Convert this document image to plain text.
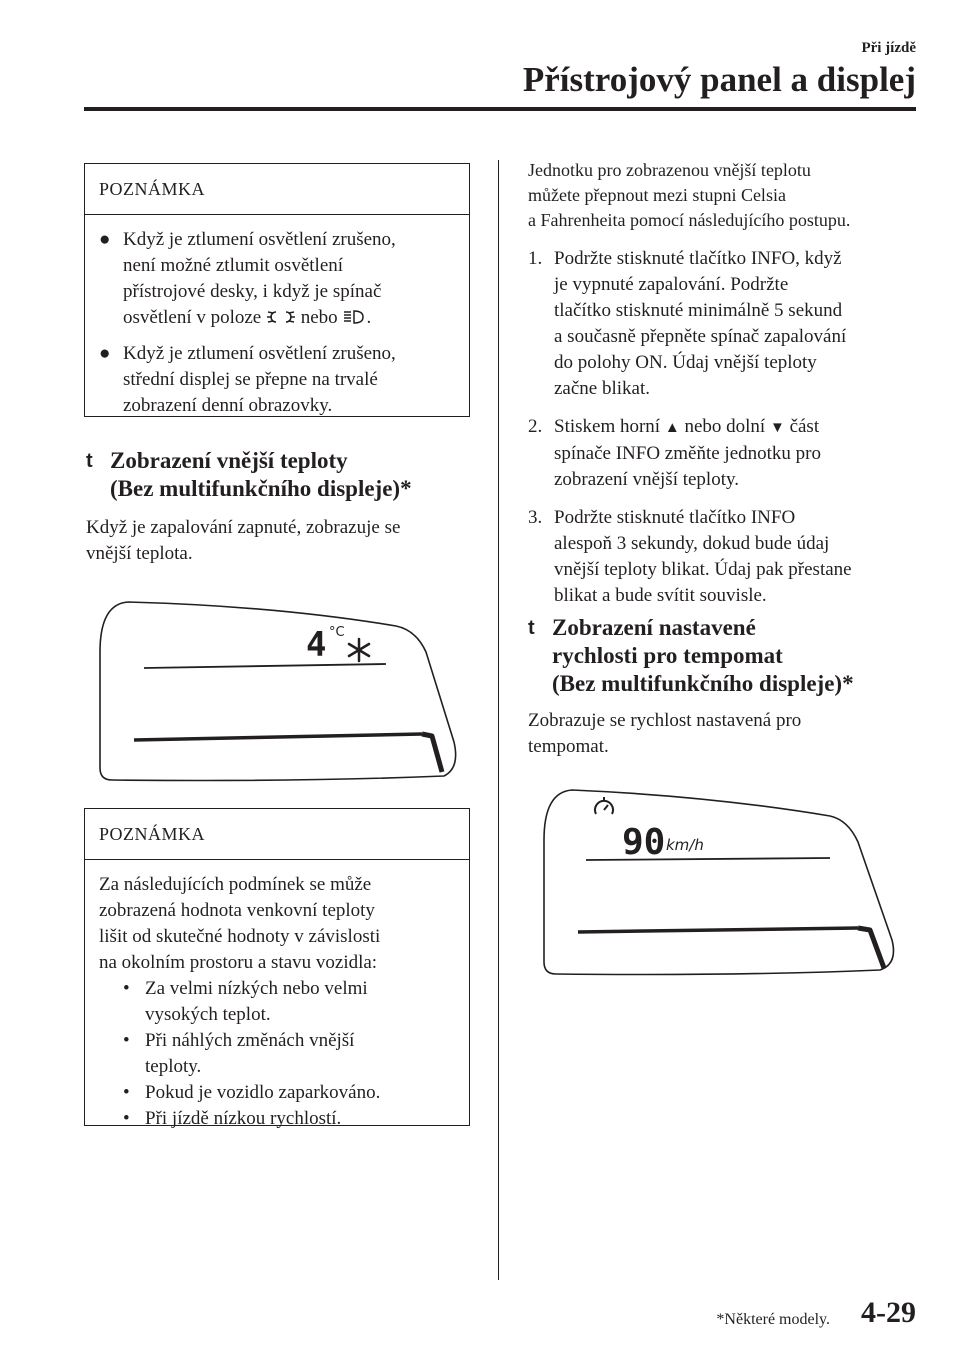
Při jízdě
Přístrojový panel a displej
POZNÁMKA
● Když je ztlumení osvětlení zrušeno,
není možné ztlumit osvětlení
přístrojové desky, i když je spínač
osvětlení v poloze nebo .
● Když je ztlumení osvětlení zrušeno,
střední displej se přepne na trvalé
zobrazení denní obrazovky.
t Zobrazení vnější teploty
(Bez multifunkčního displeje)*
Když je zapalování zapnuté, zobrazuje se
vnější teplota.
4 °C
POZNÁMKA
Za následujících podmínek se může
zobrazená hodnota venkovní teploty
lišit od skutečné hodnoty v závislosti
na okolním prostoru a stavu vozidla:
• Za velmi nízkých nebo velmi
vysokých teplot.
• Při náhlých změnách vnější
teploty.
• Pokud je vozidlo zaparkováno.
• Při jízdě nízkou rychlostí.
Jednotku pro zobrazenou vnější teplotu
můžete přepnout mezi stupni Celsia
a Fahrenheita pomocí následujícího postupu.
1. Podržte stisknuté tlačítko INFO, když
je vypnuté zapalování. Podržte
tlačítko stisknuté minimálně 5 sekund
a současně přepněte spínač zapalování
do polohy ON. Údaj vnější teploty
začne blikat.
2. Stiskem horní ▲ nebo dolní ▼ část
spínače INFO změňte jednotku pro
zobrazení vnější teploty.
3. Podržte stisknuté tlačítko INFO
alespoň 3 sekundy, dokud bude údaj
vnější teploty blikat. Údaj pak přestane
blikat a bude svítit souvisle.
t Zobrazení nastavené
rychlosti pro tempomat
(Bez multifunkčního displeje)*
Zobrazuje se rychlost nastavená pro
tempomat.
90 km/h
*Některé modely. 4-29
